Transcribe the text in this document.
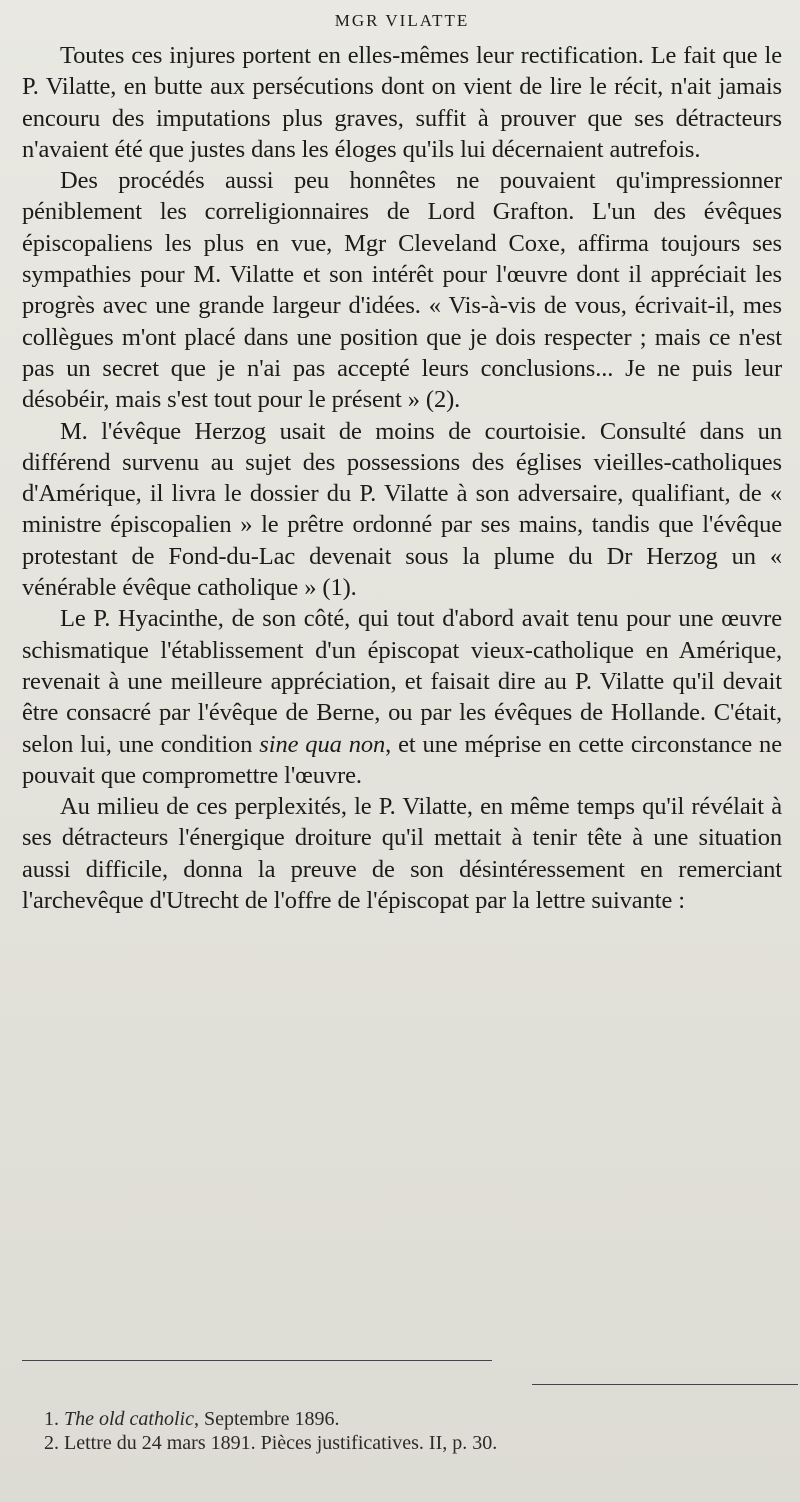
MGR VILATTE

Toutes ces injures portent en elles-mêmes leur rectification. Le fait que le P. Vilatte, en butte aux persécutions dont on vient de lire le récit, n'ait jamais encouru des imputations plus graves, suffit à prouver que ses détracteurs n'avaient été que justes dans les éloges qu'ils lui décernaient autrefois.

Des procédés aussi peu honnêtes ne pouvaient qu'impressionner péniblement les correligionnaires de Lord Grafton. L'un des évêques épiscopaliens les plus en vue, Mgr Cleveland Coxe, affirma toujours ses sympathies pour M. Vilatte et son intérêt pour l'œuvre dont il appréciait les progrès avec une grande largeur d'idées. « Vis-à-vis de vous, écrivait-il, mes collègues m'ont placé dans une position que je dois respecter ; mais ce n'est pas un secret que je n'ai pas accepté leurs conclusions... Je ne puis leur désobéir, mais s'est tout pour le présent » (2).

M. l'évêque Herzog usait de moins de courtoisie. Consulté dans un différend survenu au sujet des possessions des églises vieilles-catholiques d'Amérique, il livra le dossier du P. Vilatte à son adversaire, qualifiant, de « ministre épiscopalien » le prêtre ordonné par ses mains, tandis que l'évêque protestant de Fond-du-Lac devenait sous la plume du Dr Herzog un « vénérable évêque catholique » (1).

Le P. Hyacinthe, de son côté, qui tout d'abord avait tenu pour une œuvre schismatique l'établissement d'un épiscopat vieux-catholique en Amérique, revenait à une meilleure appréciation, et faisait dire au P. Vilatte qu'il devait être consacré par l'évêque de Berne, ou par les évêques de Hollande. C'était, selon lui, une condition sine qua non, et une méprise en cette circonstance ne pouvait que compromettre l'œuvre.

Au milieu de ces perplexités, le P. Vilatte, en même temps qu'il révélait à ses détracteurs l'énergique droiture qu'il mettait à tenir tête à une situation aussi difficile, donna la preuve de son désintéressement en remerciant l'archevêque d'Utrecht de l'offre de l'épiscopat par la lettre suivante :

1. The old catholic, Septembre 1896.
2. Lettre du 24 mars 1891. Pièces justificatives. II, p. 30.
